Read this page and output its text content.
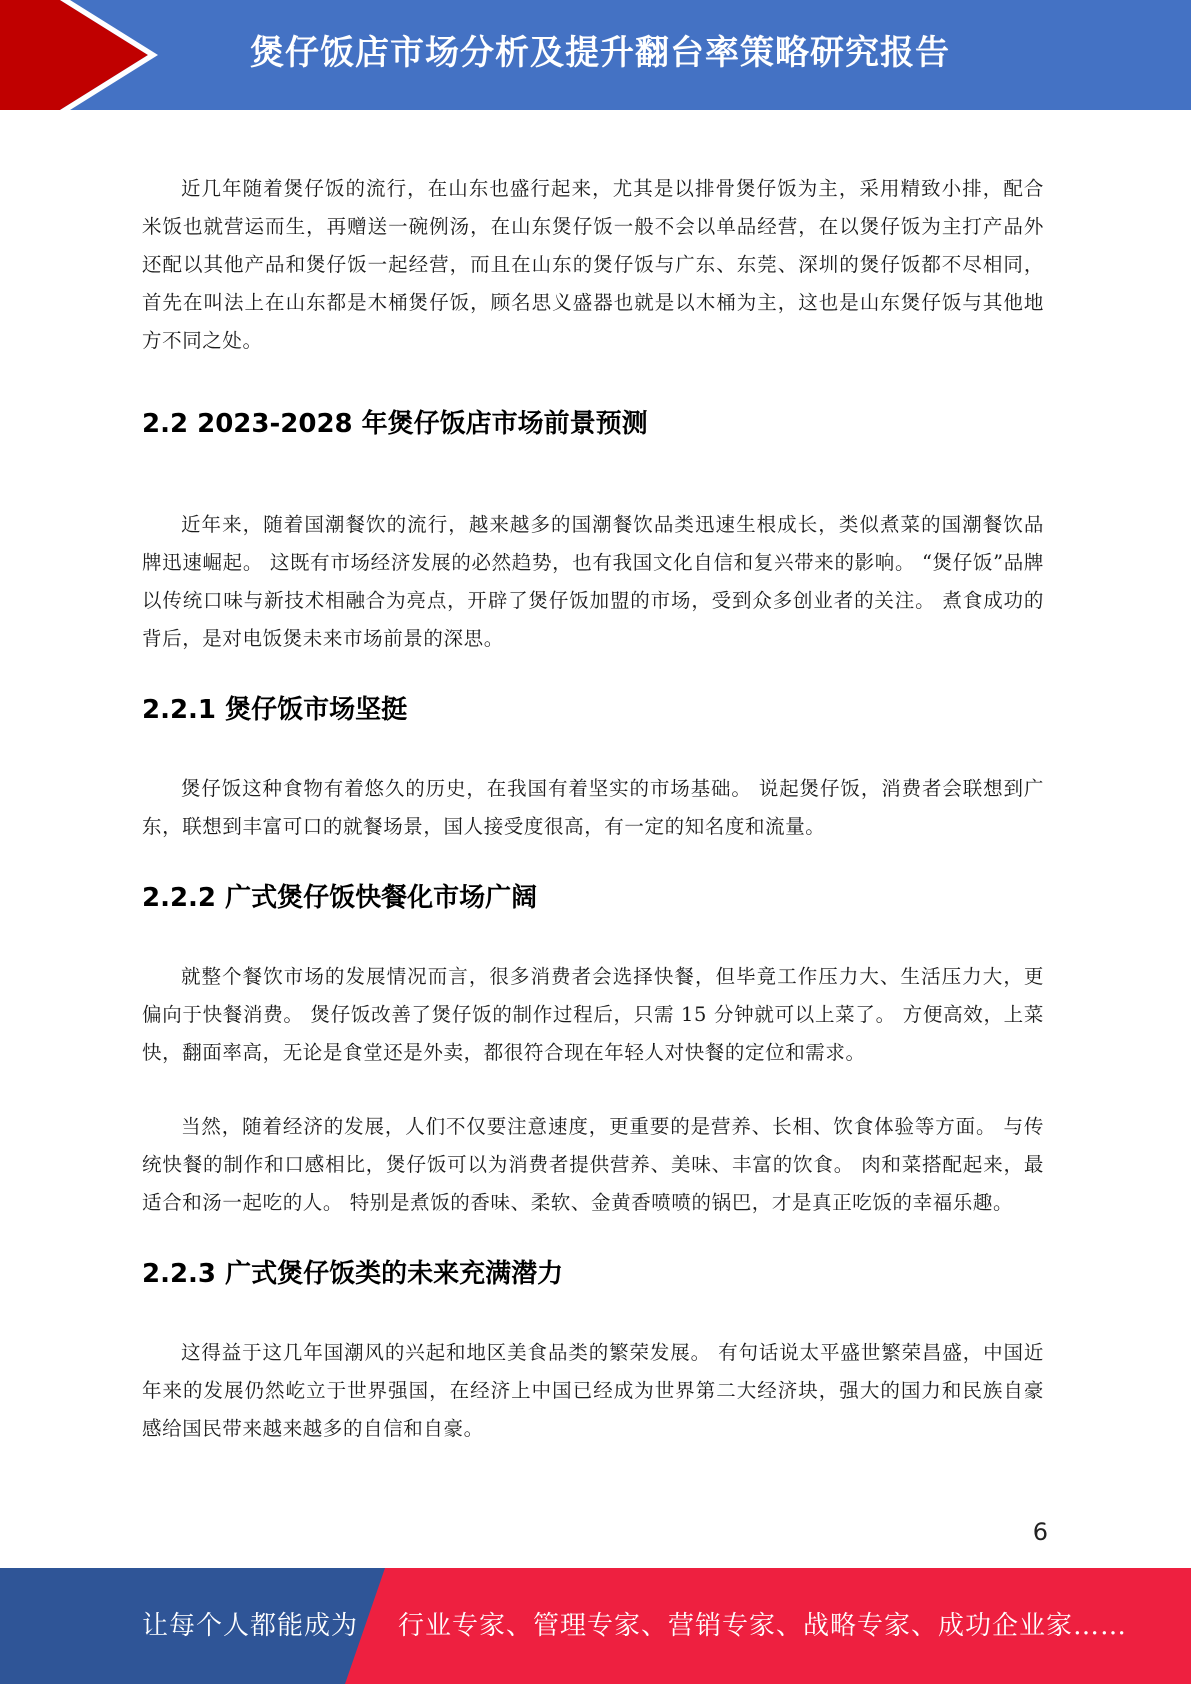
煲仔饭店市场分析及提升翻台率策略研究报告

近几年随着煲仔饭的流行，在山东也盛行起来，尤其是以排骨煲仔饭为主，采用精致小排，配合米饭也就营运而生，再赠送一碗例汤，在山东煲仔饭一般不会以单品经营，在以煲仔饭为主打产品外还配以其他产品和煲仔饭一起经营，而且在山东的煲仔饭与广东、东莞、深圳的煲仔饭都不尽相同，首先在叫法上在山东都是木桶煲仔饭，顾名思义盛器也就是以木桶为主，这也是山东煲仔饭与其他地方不同之处。

2.2 2023-2028 年煲仔饭店市场前景预测

近年来，随着国潮餐饮的流行，越来越多的国潮餐饮品类迅速生根成长，类似煮菜的国潮餐饮品牌迅速崛起。 这既有市场经济发展的必然趋势，也有我国文化自信和复兴带来的影响。 “煲仔饭”品牌以传统口味与新技术相融合为亮点，开辟了煲仔饭加盟的市场，受到众多创业者的关注。 煮食成功的背后，是对电饭煲未来市场前景的深思。

2.2.1 煲仔饭市场坚挺

煲仔饭这种食物有着悠久的历史，在我国有着坚实的市场基础。 说起煲仔饭，消费者会联想到广东，联想到丰富可口的就餐场景，国人接受度很高，有一定的知名度和流量。

2.2.2 广式煲仔饭快餐化市场广阔

就整个餐饮市场的发展情况而言，很多消费者会选择快餐，但毕竟工作压力大、生活压力大，更偏向于快餐消费。 煲仔饭改善了煲仔饭的制作过程后，只需 15 分钟就可以上菜了。 方便高效，上菜快，翻面率高，无论是食堂还是外卖，都很符合现在年轻人对快餐的定位和需求。

当然，随着经济的发展，人们不仅要注意速度，更重要的是营养、长相、饮食体验等方面。 与传统快餐的制作和口感相比，煲仔饭可以为消费者提供营养、美味、丰富的饮食。 肉和菜搭配起来，最适合和汤一起吃的人。 特别是煮饭的香味、柔软、金黄香喷喷的锅巴，才是真正吃饭的幸福乐趣。

2.2.3 广式煲仔饭类的未来充满潜力

这得益于这几年国潮风的兴起和地区美食品类的繁荣发展。 有句话说太平盛世繁荣昌盛，中国近年来的发展仍然屹立于世界强国，在经济上中国已经成为世界第二大经济块，强大的国力和民族自豪感给国民带来越来越多的自信和自豪。

6
让每个人都能成为 行业专家、管理专家、营销专家、战略专家、成功企业家……
